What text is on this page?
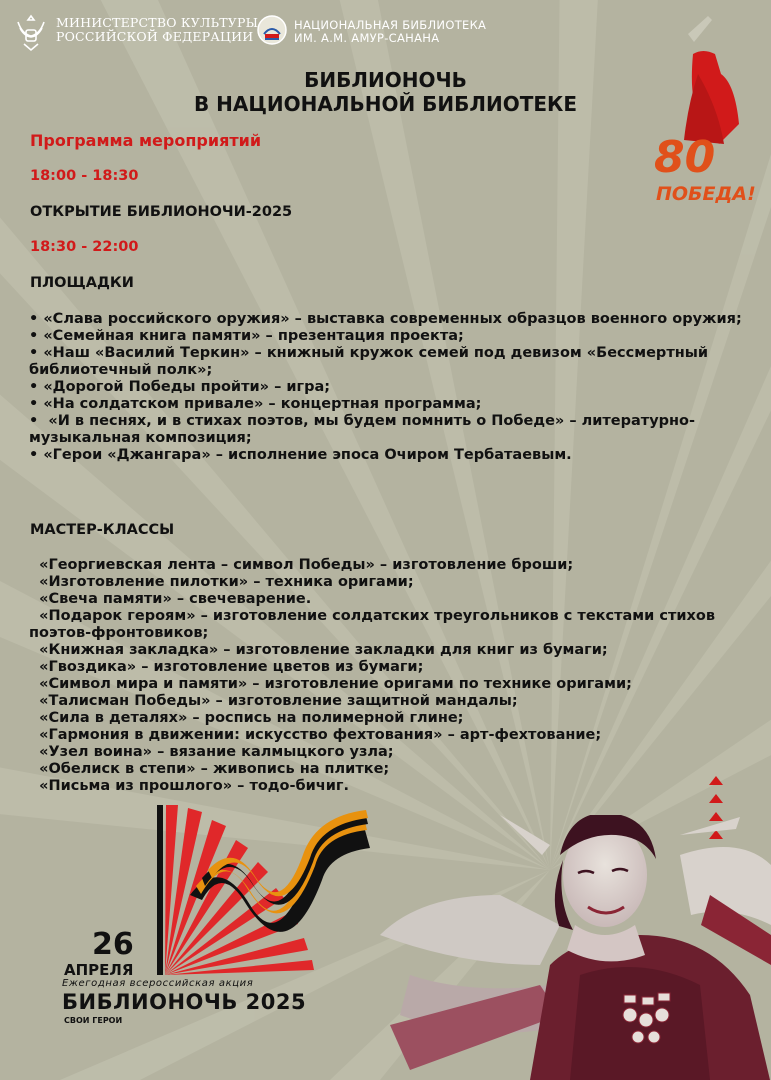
МИНИСТЕРСТВО КУЛЬТУРЫ
РОССИЙСКОЙ ФЕДЕРАЦИИ
НАЦИОНАЛЬНАЯ БИБЛИОТЕКА
ИМ. А.М. АМУР-САНАНА
80
ПОБЕДА!
БИБЛИОНОЧЬ
В НАЦИОНАЛЬНОЙ БИБЛИОТЕКЕ
Программа мероприятий
18:00 - 18:30
ОТКРЫТИЕ БИБЛИОНОЧИ-2025
18:30 - 22:00
ПЛОЩАДКИ
• «Слава российского оружия» – выставка современных образцов военного оружия;
• «Семейная книга памяти» – презентация проекта;
• «Наш «Василий Теркин» – книжный кружок семей под девизом «Бессмертный библиотечный полк»;
• «Дорогой Победы пройти» – игра;
• «На солдатском привале» – концертная программа;
•  «И в песнях, и в стихах поэтов, мы будем помнить о Победе» – литературно-музыкальная композиция;
• «Герои «Джангара» – исполнение эпоса Очиром Тербатаевым.
МАСТЕР-КЛАССЫ
«Георгиевская лента – символ Победы» – изготовление броши;
«Изготовление пилотки» – техника оригами;
«Свеча памяти» – свечеварение.
«Подарок героям» – изготовление солдатских треугольников с текстами стихов поэтов-фронтовиков;
«Книжная закладка» – изготовление закладки для книг из бумаги;
«Гвоздика» – изготовление цветов из бумаги;
«Символ мира и памяти» – изготовление оригами по технике оригами;
«Талисман Победы» – изготовление защитной мандалы;
«Сила в деталях» – роспись на полимерной глине;
«Гармония в движении: искусство фехтования» – арт-фехтование;
«Узел воина» – вязание калмыцкого узла;
«Обелиск в степи» – живопись на плитке;
«Письма из прошлого» – тодо-бичиг.
26
АПРЕЛЯ
Ежегодная всероссийская акция
БИБЛИОНОЧЬ 2025
СВОИ ГЕРОИ
